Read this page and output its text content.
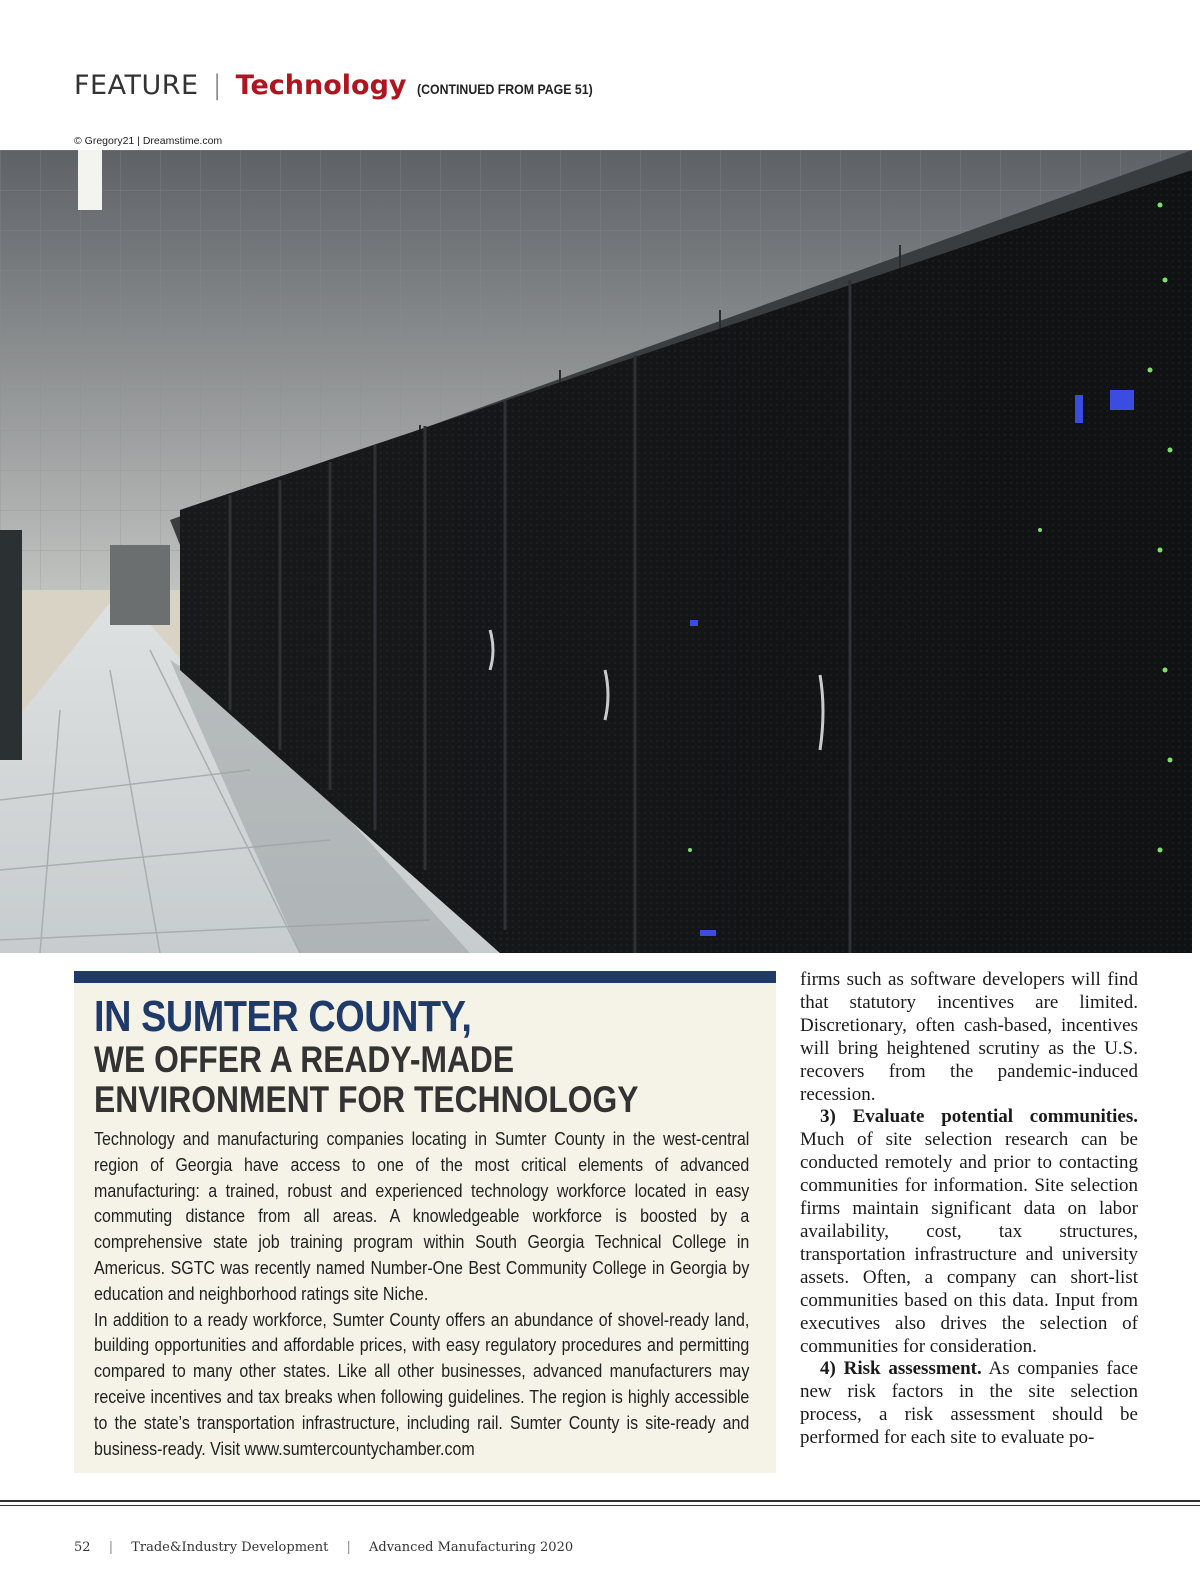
FEATURE | Technology (CONTINUED FROM PAGE 51)
© Gregory21 | Dreamstime.com
IN SUMTER COUNTY,
WE OFFER A READY-MADE
ENVIRONMENT FOR TECHNOLOGY

Technology and manufacturing companies locating in Sumter County in the west-central region of Georgia have access to one of the most critical elements of advanced manufacturing: a trained, robust and experienced technology workforce located in easy commuting distance from all areas. A knowledgeable workforce is boosted by a comprehensive state job training program within South Georgia Technical College in Americus. SGTC was recently named Number-One Best Community College in Georgia by education and neighborhood ratings site Niche.

In addition to a ready workforce, Sumter County offers an abundance of shovel-ready land, building opportunities and affordable prices, with easy regulatory procedures and permitting compared to many other states. Like all other businesses, advanced manufacturers may receive incentives and tax breaks when following guidelines. The region is highly accessible to the state’s transportation infrastructure, including rail. Sumter County is site-ready and business-ready. Visit www.sumtercountychamber.com

firms such as software developers will find that statutory incentives are limited. Discretionary, often cash-based, incentives will bring heightened scrutiny as the U.S. recovers from the pandemic-induced recession.

3) Evaluate potential communities. Much of site selection research can be conducted remotely and prior to contacting communities for information. Site selection firms maintain significant data on labor availability, cost, tax structures, transportation infrastructure and university assets. Often, a company can short-list communities based on this data. Input from executives also drives the selection of communities for consideration.

4) Risk assessment. As companies face new risk factors in the site selection process, a risk assessment should be performed for each site to evaluate po-

52 | Trade&Industry Development | Advanced Manufacturing 2020
